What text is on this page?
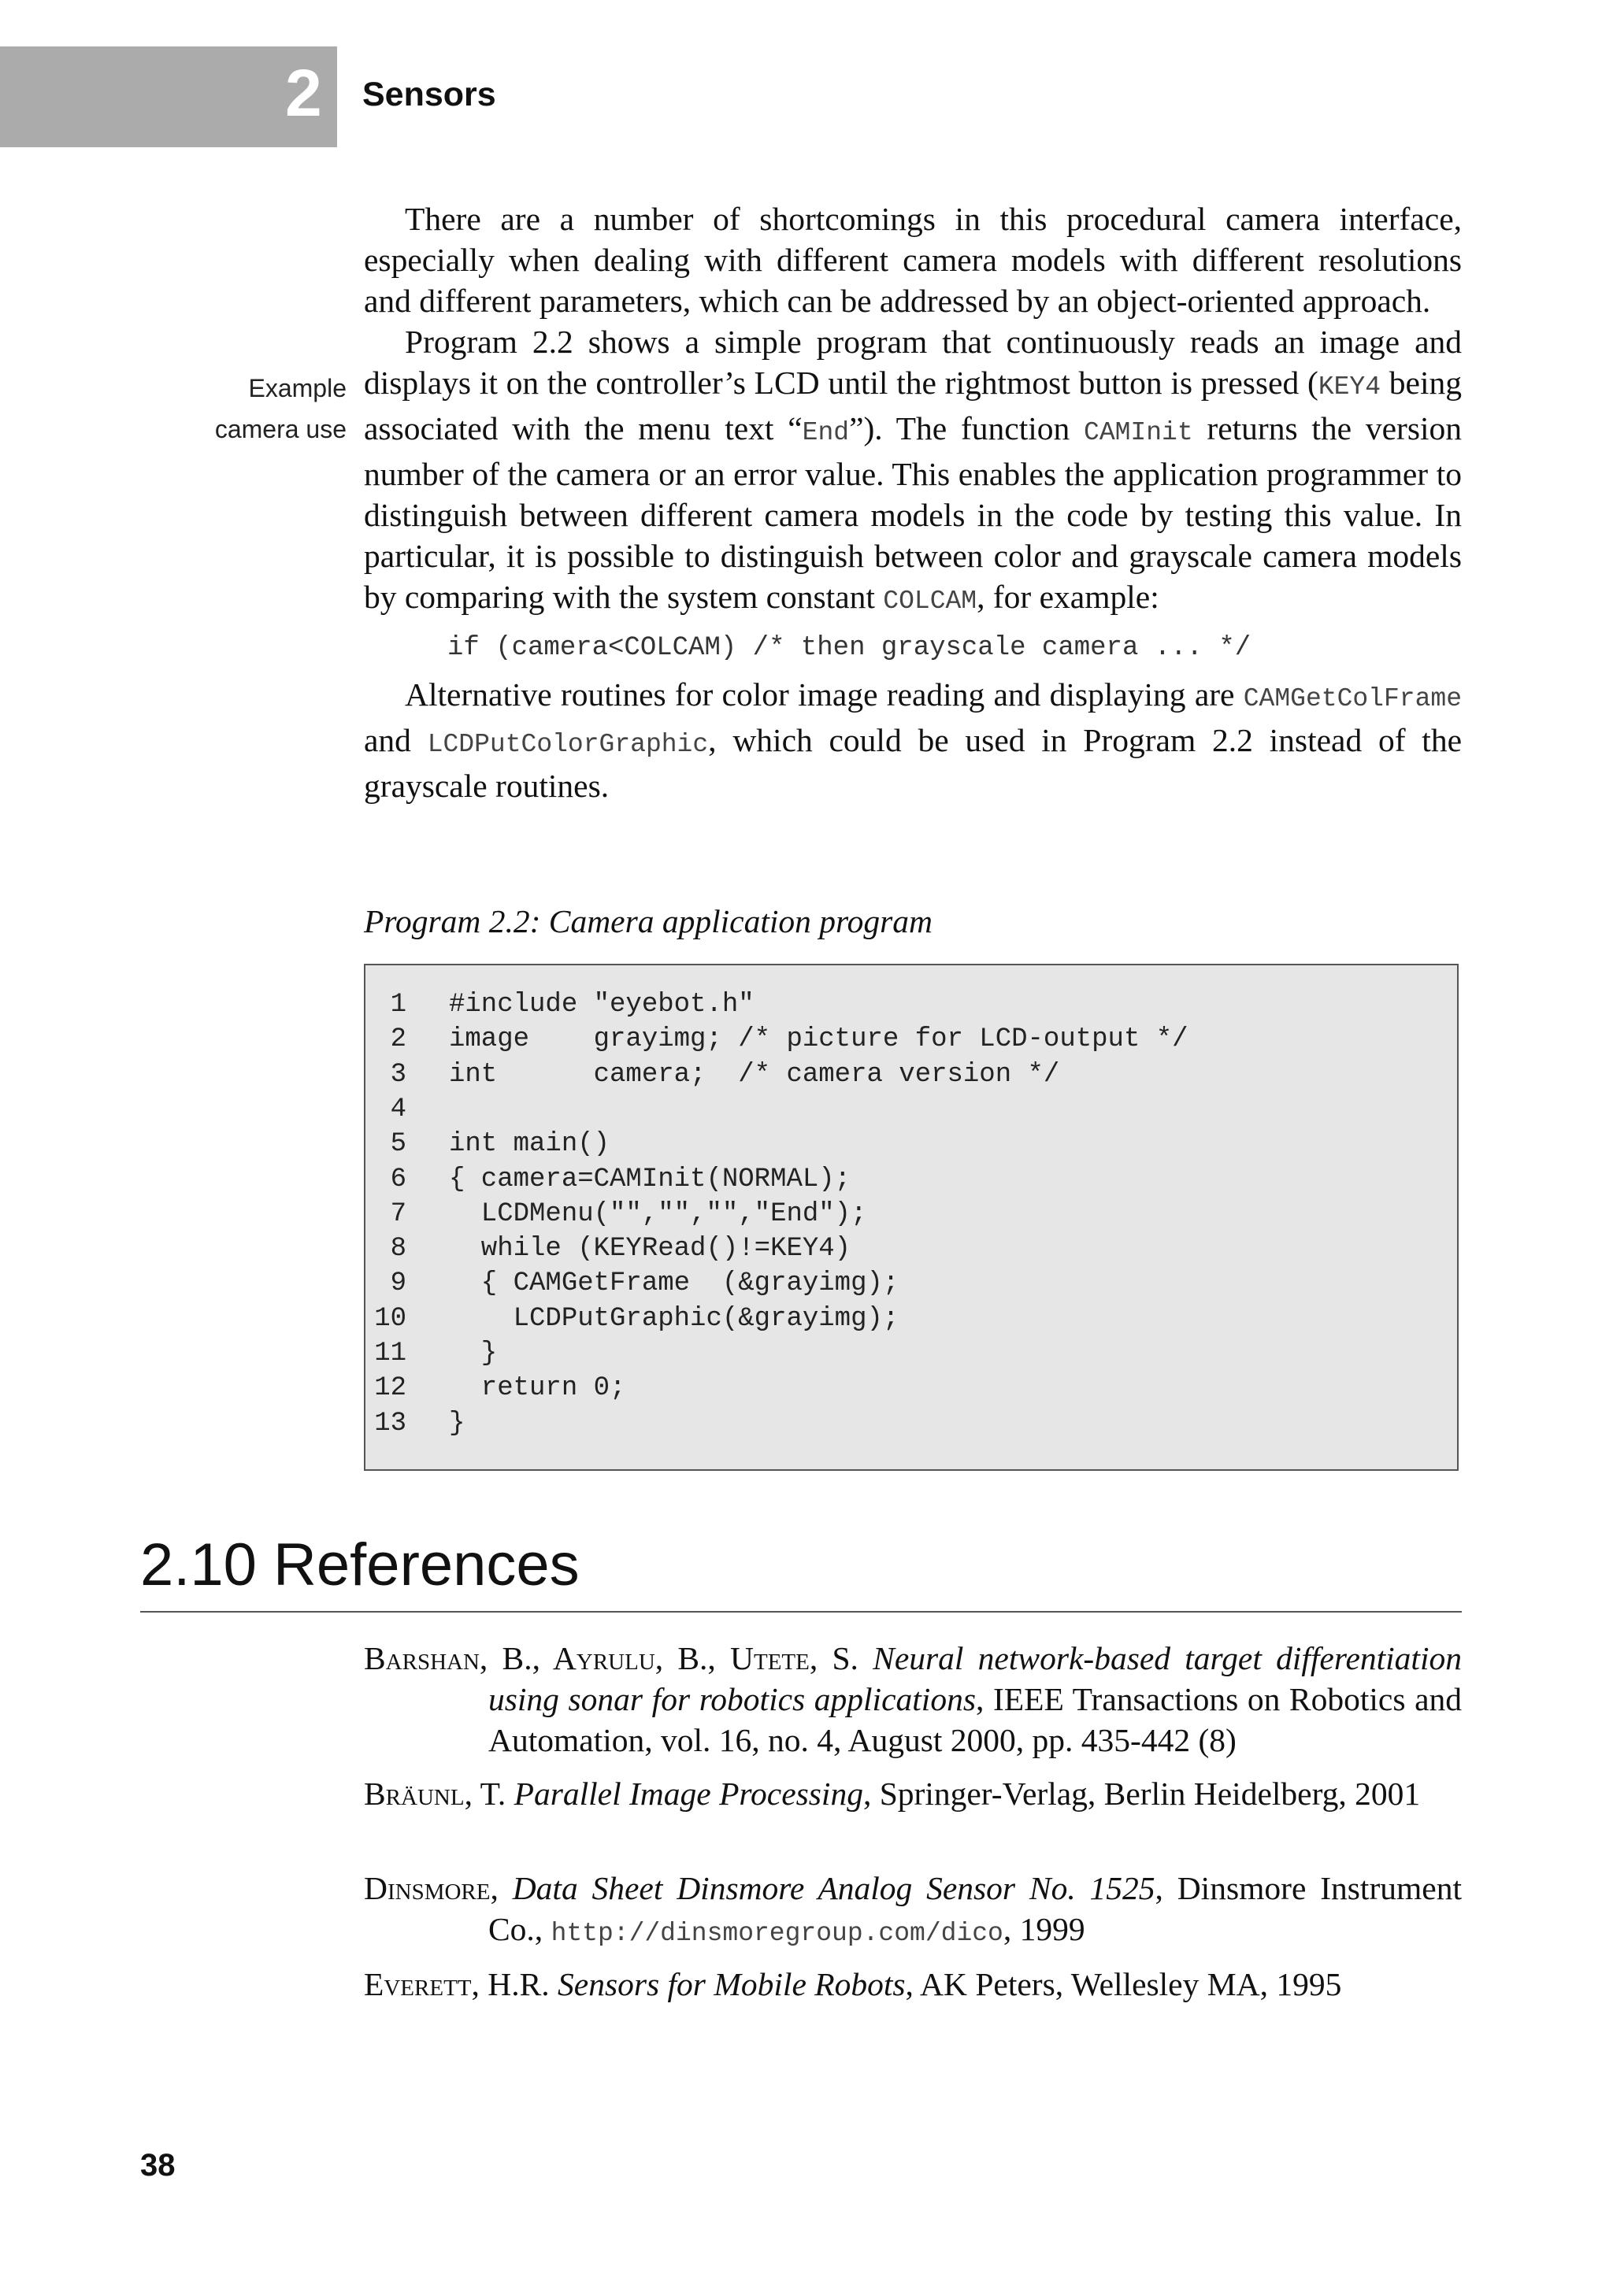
2 Sensors
Example
camera use

There are a number of shortcomings in this procedural camera interface, especially when dealing with different camera models with different resolutions and different parameters, which can be addressed by an object-oriented approach.

Program 2.2 shows a simple program that continuously reads an image and displays it on the controller’s LCD until the rightmost button is pressed (KEY4 being associated with the menu text “End”). The function CAMInit returns the version number of the camera or an error value. This enables the application programmer to distinguish between different camera models in the code by testing this value. In particular, it is possible to distinguish between color and grayscale camera models by comparing with the system constant COLCAM, for example:

if (camera<COLCAM) /* then grayscale camera ... */

Alternative routines for color image reading and displaying are CAMGetColFrame and LCDPutColorGraphic, which could be used in Program 2.2 instead of the grayscale routines.

Program 2.2: Camera application program
1 #include "eyebot.h"
2 image    grayimg; /* picture for LCD-output */
3 int      camera;  /* camera version */
4
5 int main()
6 { camera=CAMInit(NORMAL);
7 LCDMenu("","","","End");
8 while (KEYRead()!=KEY4)
9 { CAMGetFrame  (&grayimg);
10 LCDPutGraphic(&grayimg);
11 }
12 return 0;
13 }
2.10 References
Barshan, B., Ayrulu, B., Utete, S. Neural network-based target differentiation using sonar for robotics applications, IEEE Transactions on Robotics and Automation, vol. 16, no. 4, August 2000, pp. 435-442 (8)
Bräunl, T. Parallel Image Processing, Springer-Verlag, Berlin Heidelberg, 2001
Dinsmore, Data Sheet Dinsmore Analog Sensor No. 1525, Dinsmore Instrument Co., http://dinsmoregroup.com/dico, 1999
Everett, H.R. Sensors for Mobile Robots, AK Peters, Wellesley MA, 1995
38
